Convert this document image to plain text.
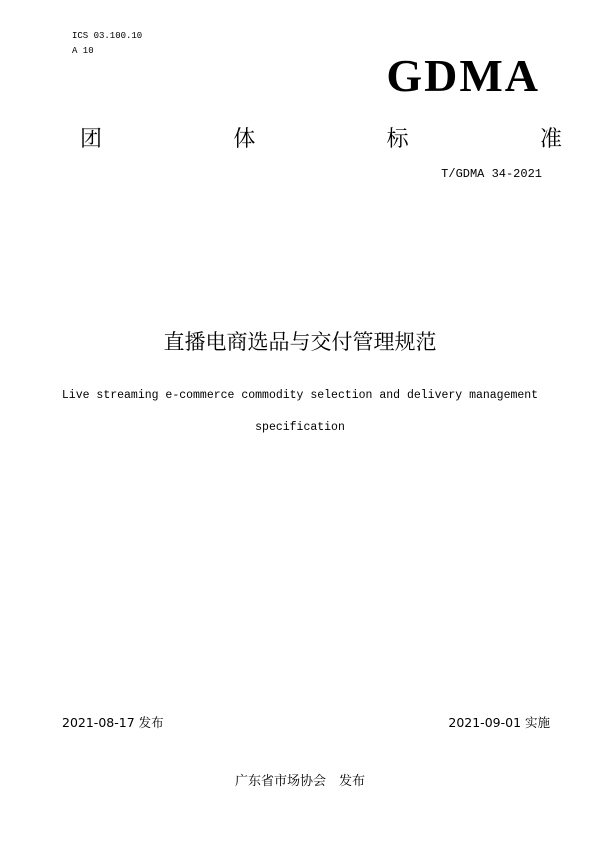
ICS 03.100.10
A 10	GDMA
团	体	标	准
T/GDMA 34-2021
直播电商选品与交付管理规范
Live streaming e-commerce commodity selection and delivery management
specification
2021-08-17 发布	2021-09-01 实施
广东省市场协会　发布
